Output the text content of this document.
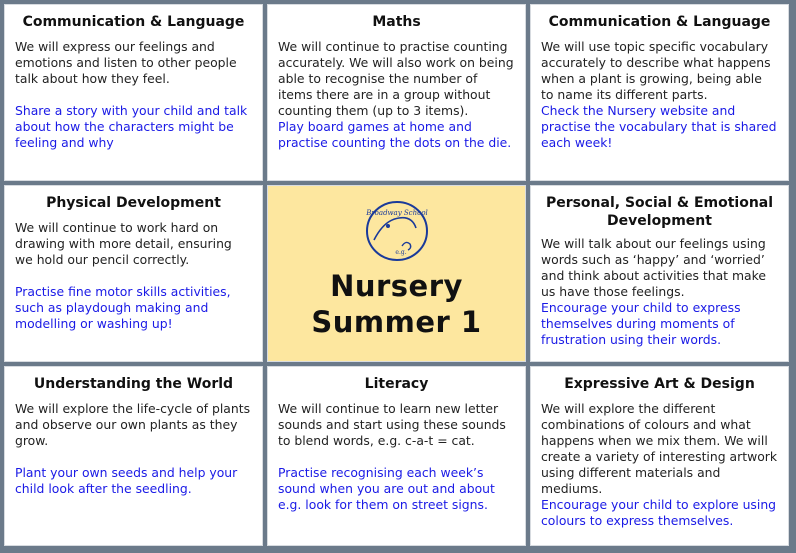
Communication & Language

We will express our feelings and emotions and listen to other people talk about how they feel.

Share a story with your child and talk about how the characters might be feeling and why

Maths

We will continue to practise counting accurately. We will also work on being able to recognise the number of items there are in a group without counting them (up to 3 items).

Play board games at home and practise counting the dots on the die.

Communication & Language

We will use topic specific vocabulary accurately to describe what happens when a plant is growing, being able to name its different parts.

Check the Nursery website and practise the vocabulary that is shared each week!

Physical Development

We will continue to work hard on drawing with more detail, ensuring we hold our pencil correctly.

Practise fine motor skills activities, such as playdough making and modelling or washing up!

Broadway School
e.g.
Nursery
Summer 1
Personal, Social & Emotional Development

We will talk about our feelings using words such as ‘happy’ and ‘worried’ and think about activities that make us have those feelings.

Encourage your child to express themselves during moments of frustration using their words.

Understanding the World

We will explore the life-cycle of plants and observe our own plants as they grow.

Plant your own seeds and help your child look after the seedling.

Literacy

We will continue to learn new letter sounds and start using these sounds to blend words, e.g. c-a-t = cat.

Practise recognising each week’s sound when you are out and about e.g. look for them on street signs.

Expressive Art & Design

We will explore the different combinations of colours and what happens when we mix them. We will create a variety of interesting artwork using different materials and mediums.

Encourage your child to explore using colours to express themselves.
